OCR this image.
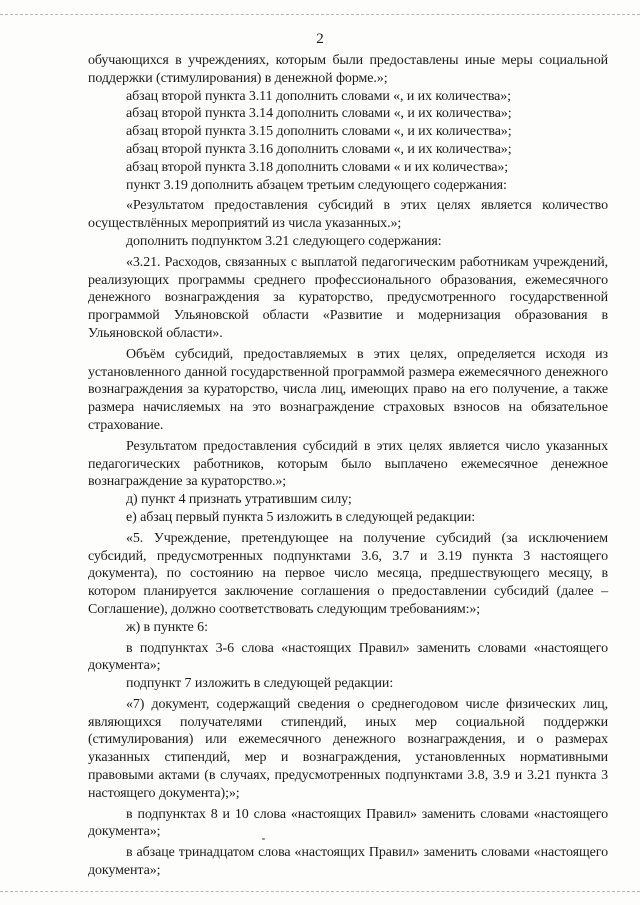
2

обучающихся в учреждениях, которым были предоставлены иные меры социальной поддержки (стимулирования) в денежной форме.»;

абзац второй пункта 3.11 дополнить словами «, и их количества»;

абзац второй пункта 3.14 дополнить словами «, и их количества»;

абзац второй пункта 3.15 дополнить словами «, и их количества»;

абзац второй пункта 3.16 дополнить словами «, и их количества»;

абзац второй пункта 3.18 дополнить словами « и их количества»;

пункт 3.19 дополнить абзацем третьим следующего содержания:

«Результатом предоставления субсидий в этих целях является количество осуществлённых мероприятий из числа указанных.»;

дополнить подпунктом 3.21 следующего содержания:

«3.21. Расходов, связанных с выплатой педагогическим работникам учреждений, реализующих программы среднего профессионального образования, ежемесячного денежного вознаграждения за кураторство, предусмотренного государственной программой Ульяновской области «Развитие и модернизация образования в Ульяновской области».

Объём субсидий, предоставляемых в этих целях, определяется исходя из установленного данной государственной программой размера ежемесячного денежного вознаграждения за кураторство, числа лиц, имеющих право на его получение, а также размера начисляемых на это вознаграждение страховых взносов на обязательное страхование.

Результатом предоставления субсидий в этих целях является число указанных педагогических работников, которым было выплачено ежемесячное денежное вознаграждение за кураторство.»;

д) пункт 4 признать утратившим силу;

е) абзац первый пункта 5 изложить в следующей редакции:

«5. Учреждение, претендующее на получение субсидий (за исключением субсидий, предусмотренных подпунктами 3.6, 3.7 и 3.19 пункта 3 настоящего документа), по состоянию на первое число месяца, предшествующего месяцу, в котором планируется заключение соглашения о предоставлении субсидий (далее – Соглашение), должно соответствовать следующим требованиям:»;

ж) в пункте 6:

в подпунктах 3-6 слова «настоящих Правил» заменить словами «настоящего документа»;

подпункт 7 изложить в следующей редакции:

«7) документ, содержащий сведения о среднегодовом числе физических лиц, являющихся получателями стипендий, иных мер социальной поддержки (стимулирования) или ежемесячного денежного вознаграждения, и о размерах указанных стипендий, мер и вознаграждения, установленных нормативными правовыми актами (в случаях, предусмотренных подпунктами 3.8, 3.9 и 3.21 пункта 3 настоящего документа);»;

в подпунктах 8 и 10 слова «настоящих Правил» заменить словами «настоящего документа»;

в абзаце тринадцатом слова «настоящих Правил» заменить словами «настоящего документа»;
